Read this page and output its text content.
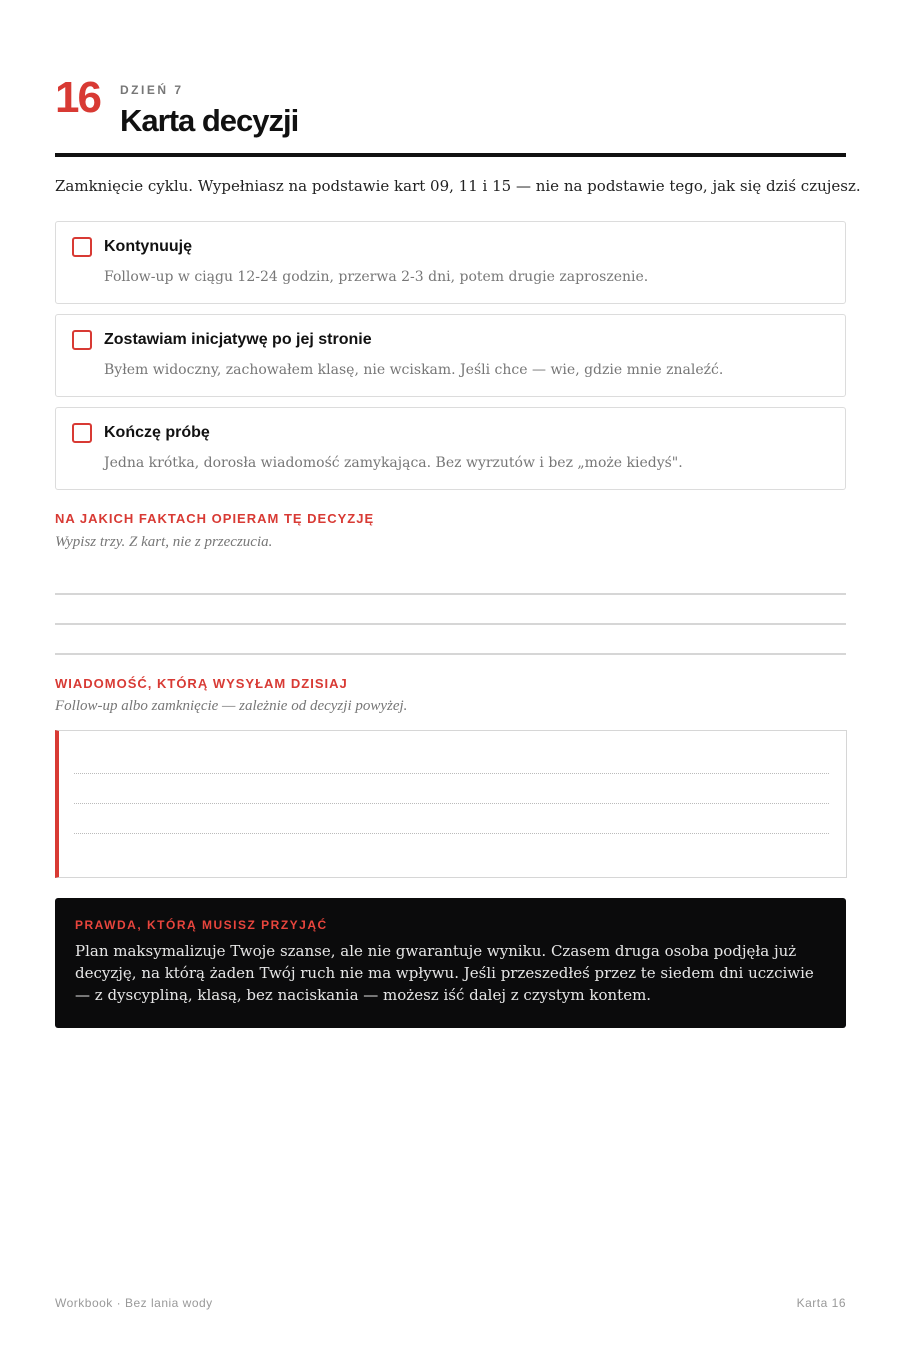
16 DZIEŃ 7
Karta decyzji
Zamknięcie cyklu. Wypełniasz na podstawie kart 09, 11 i 15 — nie na podstawie tego, jak się dziś czujesz.
Kontynuuję
Follow-up w ciągu 12-24 godzin, przerwa 2-3 dni, potem drugie zaproszenie.
Zostawiam inicjatywę po jej stronie
Byłem widoczny, zachowałem klasę, nie wciskam. Jeśli chce — wie, gdzie mnie znaleźć.
Kończę próbę
Jedna krótka, dorosła wiadomość zamykająca. Bez wyrzutów i bez „może kiedyś".
NA JAKICH FAKTACH OPIERAM TĘ DECYZJĘ
Wypisz trzy. Z kart, nie z przeczucia.
WIADOMOŚĆ, KTÓRĄ WYSYŁAM DZISIAJ
Follow-up albo zamknięcie — zależnie od decyzji powyżej.
PRAWDA, KTÓRĄ MUSISZ PRZYJĄĆ
Plan maksymalizuje Twoje szanse, ale nie gwarantuje wyniku. Czasem druga osoba podjęła już decyzję, na którą żaden Twój ruch nie ma wpływu. Jeśli przeszedłeś przez te siedem dni uczciwie — z dyscypliną, klasą, bez naciskania — możesz iść dalej z czystym kontem.
Workbook · Bez lania wody	Karta 16
